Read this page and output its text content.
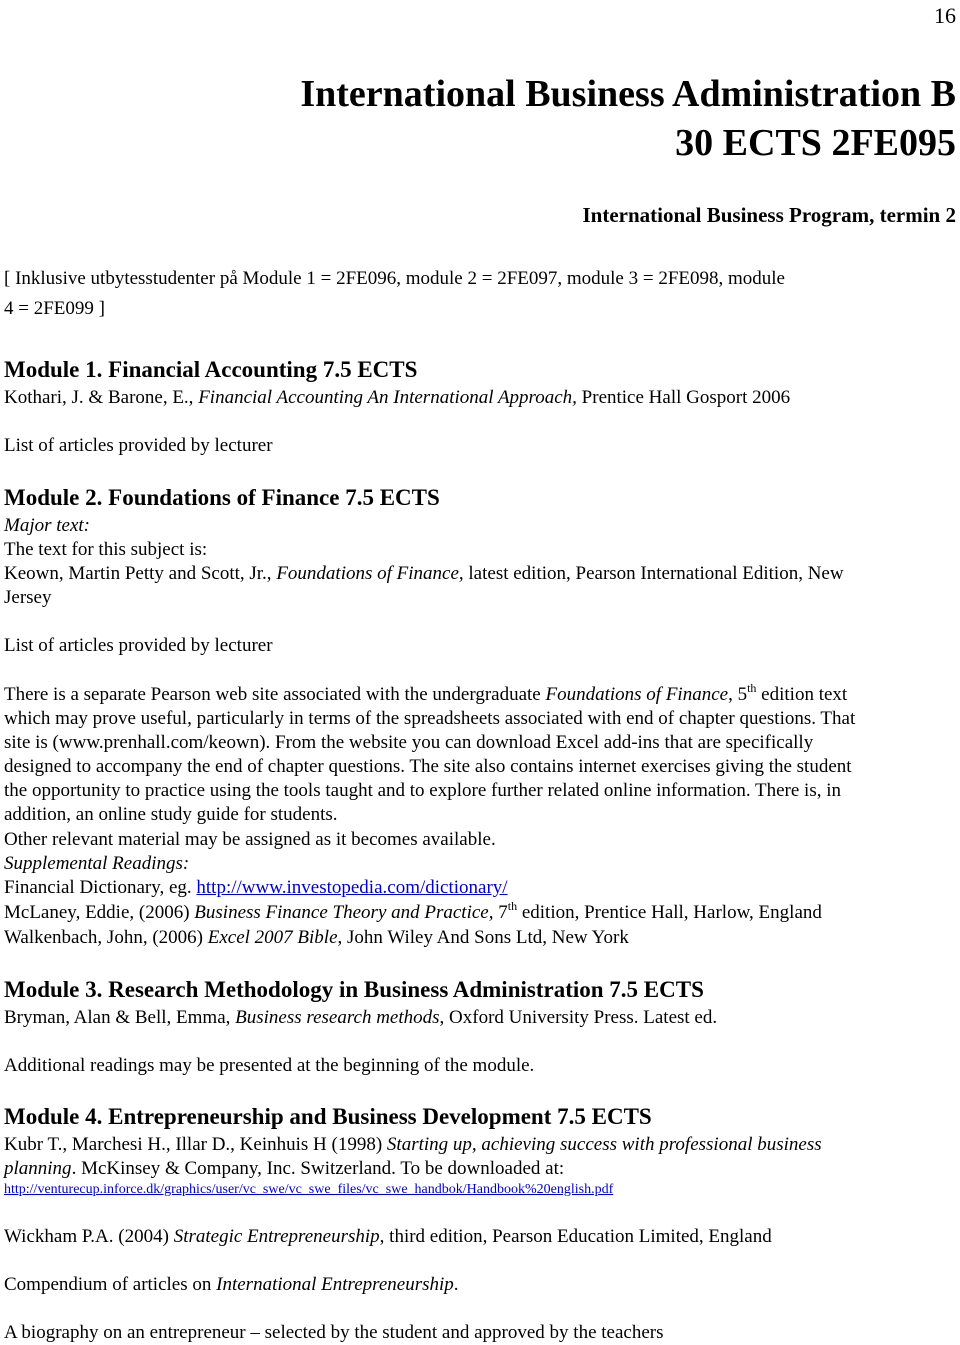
16

International Business Administration B
30 ECTS 2FE095
International Business Program, termin 2

[ Inklusive utbytesstudenter på Module 1 = 2FE096, module 2 = 2FE097, module 3 = 2FE098, module

4 = 2FE099 ]

Module 1. Financial Accounting 7.5 ECTS

Kothari, J. & Barone, E., Financial Accounting An International Approach, Prentice Hall Gosport 2006

List of articles provided by lecturer

Module 2. Foundations of Finance 7.5 ECTS

Major text:

The text for this subject is:

Keown, Martin Petty and Scott, Jr., Foundations of Finance, latest edition, Pearson International Edition, New

Jersey

List of articles provided by lecturer

There is a separate Pearson web site associated with the undergraduate Foundations of Finance, 5th edition text

which may prove useful, particularly in terms of the spreadsheets associated with end of chapter questions. That

site is (www.prenhall.com/keown). From the website you can download Excel add-ins that are specifically

designed to accompany the end of chapter questions. The site also contains internet exercises giving the student

the opportunity to practice using the tools taught and to explore further related online information. There is, in

addition, an online study guide for students.

Other relevant material may be assigned as it becomes available.

Supplemental Readings:

Financial Dictionary, eg. http://www.investopedia.com/dictionary/

McLaney, Eddie, (2006) Business Finance Theory and Practice, 7th edition, Prentice Hall, Harlow, England

Walkenbach, John, (2006) Excel 2007 Bible, John Wiley And Sons Ltd, New York

Module 3. Research Methodology in Business Administration 7.5 ECTS

Bryman, Alan & Bell, Emma, Business research methods, Oxford University Press. Latest ed.

Additional readings may be presented at the beginning of the module.

Module 4. Entrepreneurship and Business Development 7.5 ECTS

Kubr T., Marchesi H., Illar D., Keinhuis H (1998) Starting up, achieving success with professional business

planning. McKinsey & Company, Inc. Switzerland. To be downloaded at:

http://venturecup.inforce.dk/graphics/user/vc_swe/vc_swe_files/vc_swe_handbok/Handbook%20english.pdf

Wickham P.A. (2004) Strategic Entrepreneurship, third edition, Pearson Education Limited, England

Compendium of articles on International Entrepreneurship.

A biography on an entrepreneur – selected by the student and approved by the teachers
